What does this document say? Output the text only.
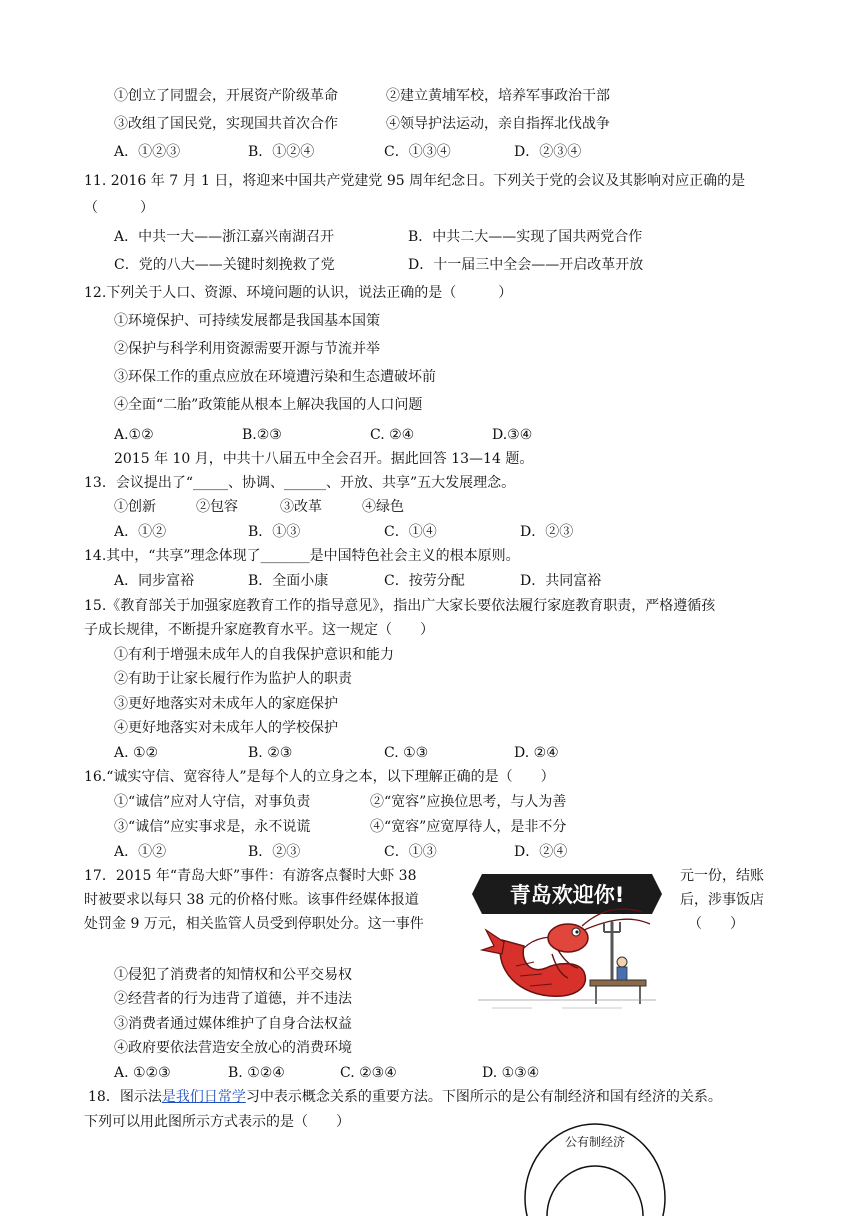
①创立了同盟会，开展资产阶级革命	②建立黄埔军校，培养军事政治干部
③改组了国民党，实现国共首次合作	④领导护法运动，亲自指挥北伐战争
A．①②③	B．①②④	C．①③④	D．②③④
11. 2016 年 7 月 1 日，将迎来中国共产党建党 95 周年纪念日。下列关于党的会议及其影响对应正确的是
（　　　）
A．中共一大——浙江嘉兴南湖召开	B．中共二大——实现了国共两党合作
C．党的八大——关键时刻挽救了党	D．十一届三中全会——开启改革开放
12.下列关于人口、资源、环境问题的认识，说法正确的是（　　　）
①环境保护、可持续发展都是我国基本国策
②保护与科学利用资源需要开源与节流并举
③环保工作的重点应放在环境遭污染和生态遭破坏前
④全面“二胎”政策能从根本上解决我国的人口问题
A.①②	B.②③	C. ②④	D.③④
2015 年 10 月，中共十八届五中全会召开。据此回答 13—14 题。
13．会议提出了“_____、协调、______、开放、共享”五大发展理念。
①创新	②包容	③改革	④绿色
A．①②	B．①③	C．①④	D．②③
14.其中，“共享”理念体现了_______是中国特色社会主义的根本原则。
A．同步富裕	B．全面小康	C．按劳分配	D．共同富裕
15.《教育部关于加强家庭教育工作的指导意见》，指出广大家长要依法履行家庭教育职责，严格遵循孩
子成长规律，不断提升家庭教育水平。这一规定（　　）
①有利于增强未成年人的自我保护意识和能力
②有助于让家长履行作为监护人的职责
③更好地落实对未成年人的家庭保护
④更好地落实对未成年人的学校保护
A. ①②	B. ②③	C. ①③	D. ②④
16.“诚实守信、宽容待人”是每个人的立身之本，以下理解正确的是（　　）
①“诚信”应对人守信，对事负责	②“宽容”应换位思考，与人为善
③“诚信”应实事求是，永不说谎	④“宽容”应宽厚待人，是非不分
A．①②	B．②③	C．①③	D．②④
17．2015 年“青岛大虾”事件：有游客点餐时大虾 38	元一份，结账
时被要求以每只 38 元的价格付账。该事件经媒体报道	后，涉事饭店
处罚金 9 万元，相关监管人员受到停职处分。这一事件	（　　）
青岛欢迎你!
①侵犯了消费者的知情权和公平交易权
②经营者的行为违背了道德，并不违法
③消费者通过媒体维护了自身合法权益
④政府要依法营造安全放心的消费环境
A. ①②③	B. ①②④	C. ②③④	D. ①③④
18．图示法是我们日常学习中表示概念关系的重要方法。下图所示的是公有制经济和国有经济的关系。
下列可以用此图所示方式表示的是（　　）
公有制经济
